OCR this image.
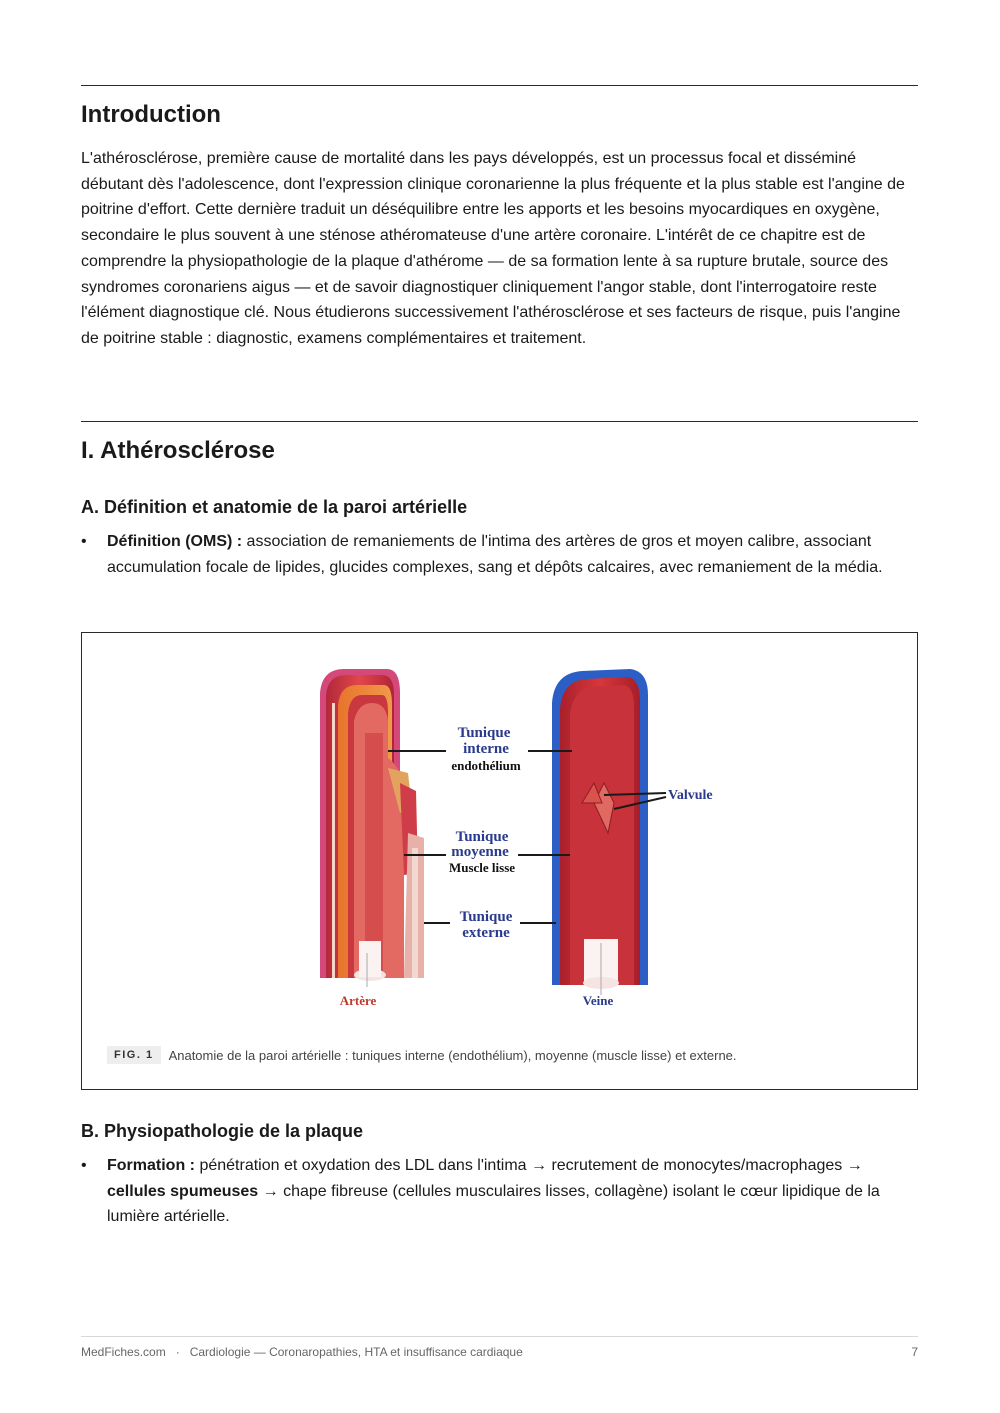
Introduction

L'athérosclérose, première cause de mortalité dans les pays développés, est un processus focal et disséminé débutant dès l'adolescence, dont l'expression clinique coronarienne la plus fréquente et la plus stable est l'angine de poitrine d'effort. Cette dernière traduit un déséquilibre entre les apports et les besoins myocardiques en oxygène, secondaire le plus souvent à une sténose athéromateuse d'une artère coronaire. L'intérêt de ce chapitre est de comprendre la physiopathologie de la plaque d'athérome — de sa formation lente à sa rupture brutale, source des syndromes coronariens aigus — et de savoir diagnostiquer cliniquement l'angor stable, dont l'interrogatoire reste l'élément diagnostique clé. Nous étudierons successivement l'athérosclérose et ses facteurs de risque, puis l'angine de poitrine stable : diagnostic, examens complémentaires et traitement.

I. Athérosclérose
A. Définition et anatomie de la paroi artérielle
• Définition (OMS) : association de remaniements de l'intima des artères de gros et moyen calibre, associant accumulation focale de lipides, glucides complexes, sang et dépôts calcaires, avec remaniement de la média.
B. Physiopathologie de la plaque
• Formation : pénétration et oxydation des LDL dans l'intima → recrutement de monocytes/macrophages → cellules spumeuses → chape fibreuse (cellules musculaires lisses, collagène) isolant le cœur lipidique de la lumière artérielle.
Tunique
interne
endothélium
Tunique
moyenne
Muscle lisse
Tunique
externe
Valvule
Artère	Veine
FIG. 1	Anatomie de la paroi artérielle : tuniques interne (endothélium), moyenne (muscle lisse) et externe.
MedFiches.com · Cardiologie — Coronaropathies, HTA et insuffisance cardiaque	7
